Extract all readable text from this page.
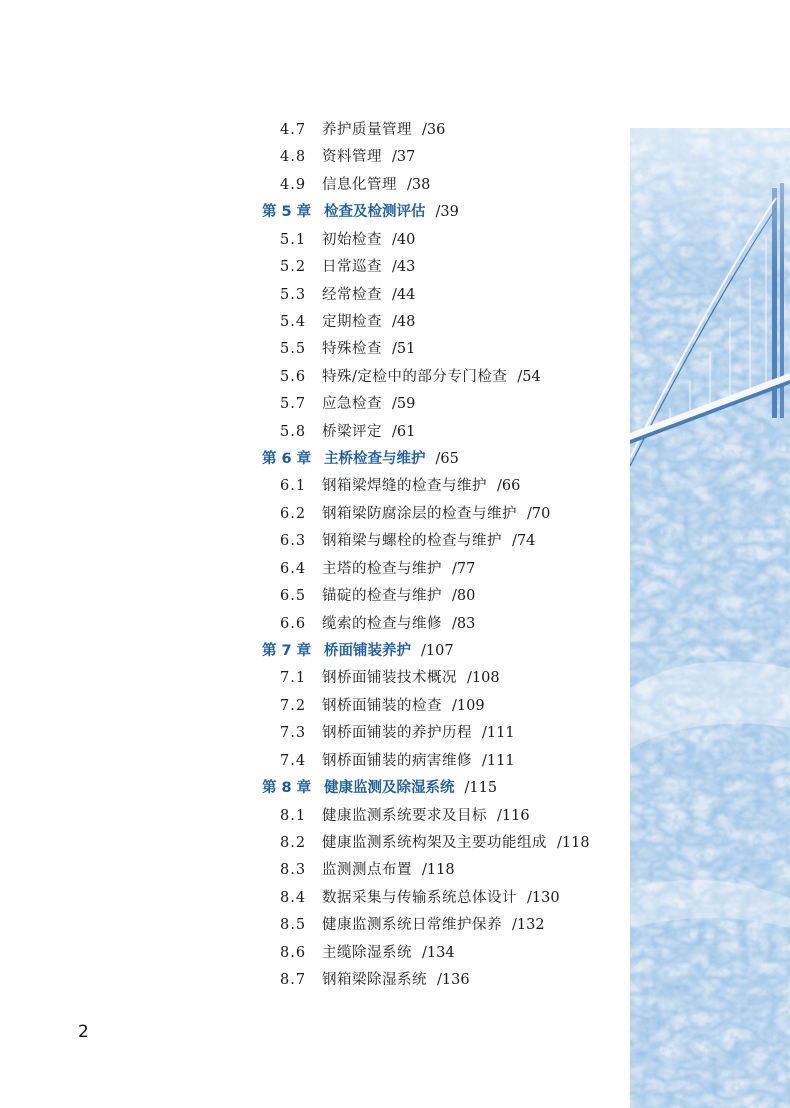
4.7 养护质量管理 /36
4.8 资料管理 /37
4.9 信息化管理 /38
第 5 章 检查及检测评估 /39
5.1 初始检查 /40
5.2 日常巡查 /43
5.3 经常检查 /44
5.4 定期检查 /48
5.5 特殊检查 /51
5.6 特殊/定检中的部分专门检查 /54
5.7 应急检查 /59
5.8 桥梁评定 /61
第 6 章 主桥检查与维护 /65
6.1 钢箱梁焊缝的检查与维护 /66
6.2 钢箱梁防腐涂层的检查与维护 /70
6.3 钢箱梁与螺栓的检查与维护 /74
6.4 主塔的检查与维护 /77
6.5 锚碇的检查与维护 /80
6.6 缆索的检查与维修 /83
第 7 章 桥面铺装养护 /107
7.1 钢桥面铺装技术概况 /108
7.2 钢桥面铺装的检查 /109
7.3 钢桥面铺装的养护历程 /111
7.4 钢桥面铺装的病害维修 /111
第 8 章 健康监测及除湿系统 /115
8.1 健康监测系统要求及目标 /116
8.2 健康监测系统构架及主要功能组成 /118
8.3 监测测点布置 /118
8.4 数据采集与传输系统总体设计 /130
8.5 健康监测系统日常维护保养 /132
8.6 主缆除湿系统 /134
8.7 钢箱梁除湿系统 /136
2
